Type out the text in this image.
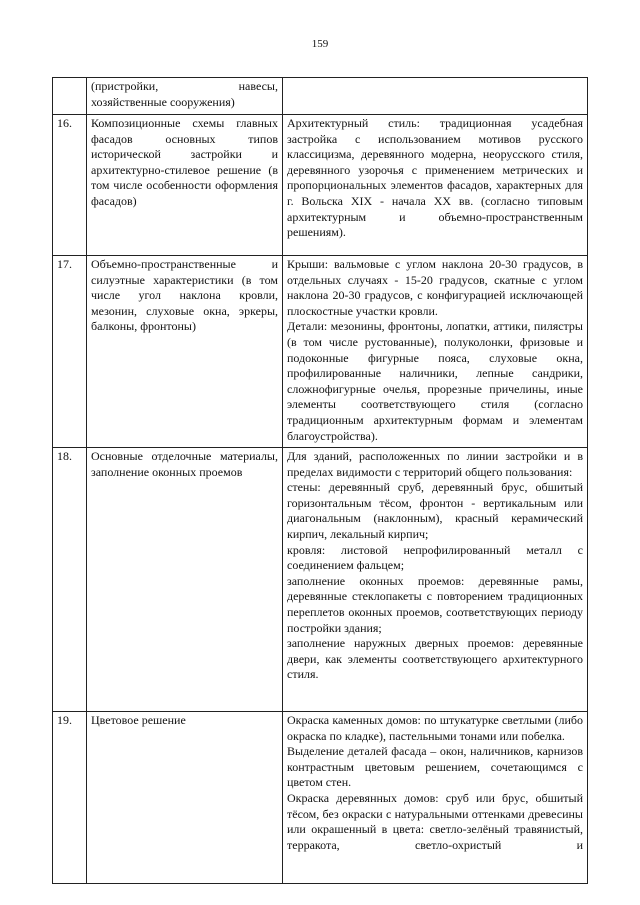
159
	(пристройки, навесы, хозяйственные сооружения)	
16.	Композиционные схемы главных фасадов основных типов исторической застройки и архитектурно-стилевое решение (в том числе особенности оформления фасадов)	Архитектурный стиль: традиционная усадебная застройка с использованием мотивов русского классицизма, деревянного модерна, неорусского стиля, деревянного узорочья с применением метрических и пропорциональных элементов фасадов, характерных для г. Вольска XIX - начала XX вв. (согласно типовым архитектурным и объемно-пространственным решениям).

17.	Объемно-пространственные и силуэтные характеристики (в том числе угол наклона кровли, мезонин, слуховые окна, эркеры, балконы, фронтоны)	Крыши: вальмовые с углом наклона 20-30 градусов, в отдельных случаях - 15-20 градусов, скатные с углом наклона 20-30 градусов, с конфигурацией исключающей плоскостные участки кровли.

Детали: мезонины, фронтоны, лопатки, аттики, пилястры (в том числе рустованные), полуколонки, фризовые и подоконные фигурные пояса, слуховые окна, профилированные наличники, лепные сандрики, сложнофигурные очелья, прорезные причелины, иные элементы соответствующего стиля (согласно традиционным архитектурным формам и элементам благоустройства).

18.	Основные отделочные материалы, заполнение оконных проемов	Для зданий, расположенных по линии застройки и в пределах видимости с территорий общего пользования:

стены: деревянный сруб, деревянный брус, обшитый горизонтальным тёсом, фронтон - вертикальным или диагональным (наклонным), красный керамический кирпич, лекальный кирпич;

кровля: листовой непрофилированный металл с соединением фальцем;

заполнение оконных проемов: деревянные рамы, деревянные стеклопакеты с повторением традиционных переплетов оконных проемов, соответствующих периоду постройки здания;

заполнение наружных дверных проемов: деревянные двери, как элементы соответствующего архитектурного стиля.

19.	Цветовое решение	Окраска каменных домов: по штукатурке светлыми (либо окраска по кладке), пастельными тонами или побелка.

Выделение деталей фасада – окон, наличников, карнизов контрастным цветовым решением, сочетающимся с цветом стен.

Окраска деревянных домов: сруб или брус, обшитый тёсом, без окраски с натуральными оттенками древесины или окрашенный в цвета: светло-зелёный травянистый, терракота, светло-охристый и
